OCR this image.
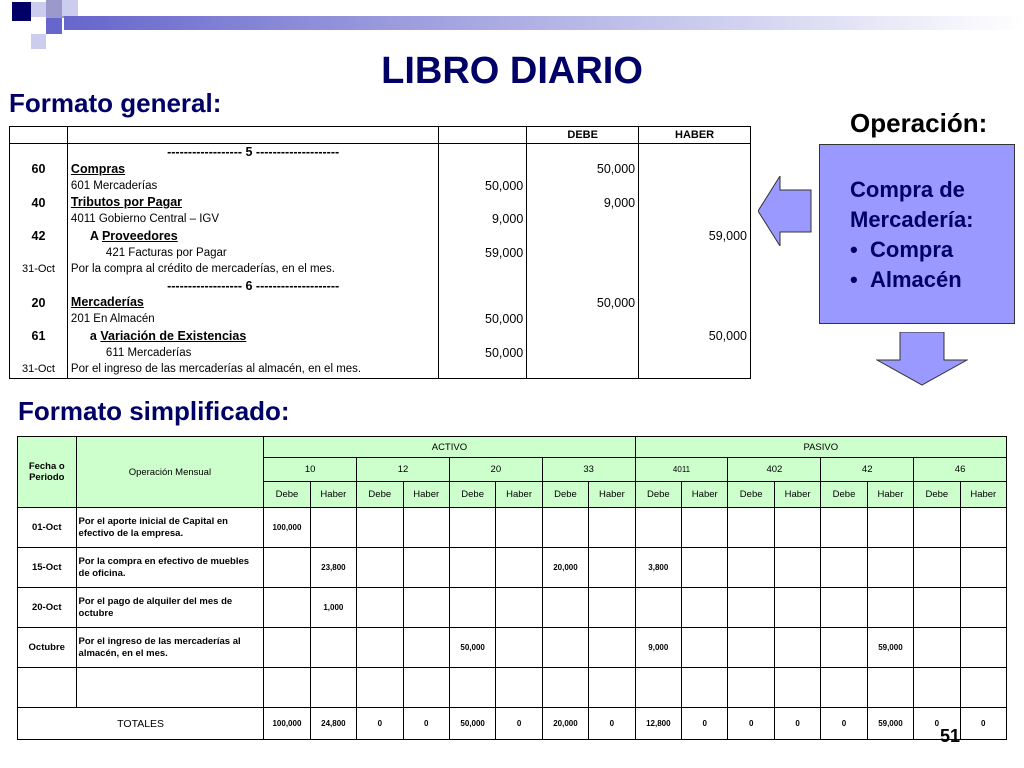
LIBRO DIARIO
Formato general:
Operación:
Compra de
Mercadería:
• Compra
• Almacén
			DEBE	HABER
	------------------ 5 --------------------			
60	Compras		50,000	
	601 Mercaderías	50,000		
40	Tributos por Pagar		9,000	
	4011 Gobierno Central – IGV	9,000		
42	A Proveedores			59,000
	421 Facturas por Pagar	59,000		
31-Oct	Por la compra al crédito de mercaderías, en el mes.			
	------------------ 6 --------------------			
20	Mercaderías		50,000	
	201 En Almacén	50,000		
61	a Variación de Existencias			50,000
	611 Mercaderías	50,000		
31-Oct	Por el ingreso de las mercaderías al almacén, en el mes.			
Formato simplificado:
Fecha o Periodo	Operación Mensual	ACTIVO								PASIVO							
		10		12		20		33		4011		402		42		46	
		Debe	Haber	Debe	Haber	Debe	Haber	Debe	Haber	Debe	Haber	Debe	Haber	Debe	Haber	Debe	Haber
01-Oct	Por el aporte inicial de Capital en efectivo de la empresa.	100,000															
15-Oct	Por la compra en efectivo de muebles de oficina.		23,800					20,000		3,800							
20-Oct	Por el pago de alquiler del mes de octubre		1,000														
Octubre	Por el ingreso de las mercaderías al almacén, en el mes.					50,000				9,000					59,000		

TOTALES		100,000	24,800	0	0	50,000	0	20,000	0	12,800	0	0	0	0	59,000	0	0
51
